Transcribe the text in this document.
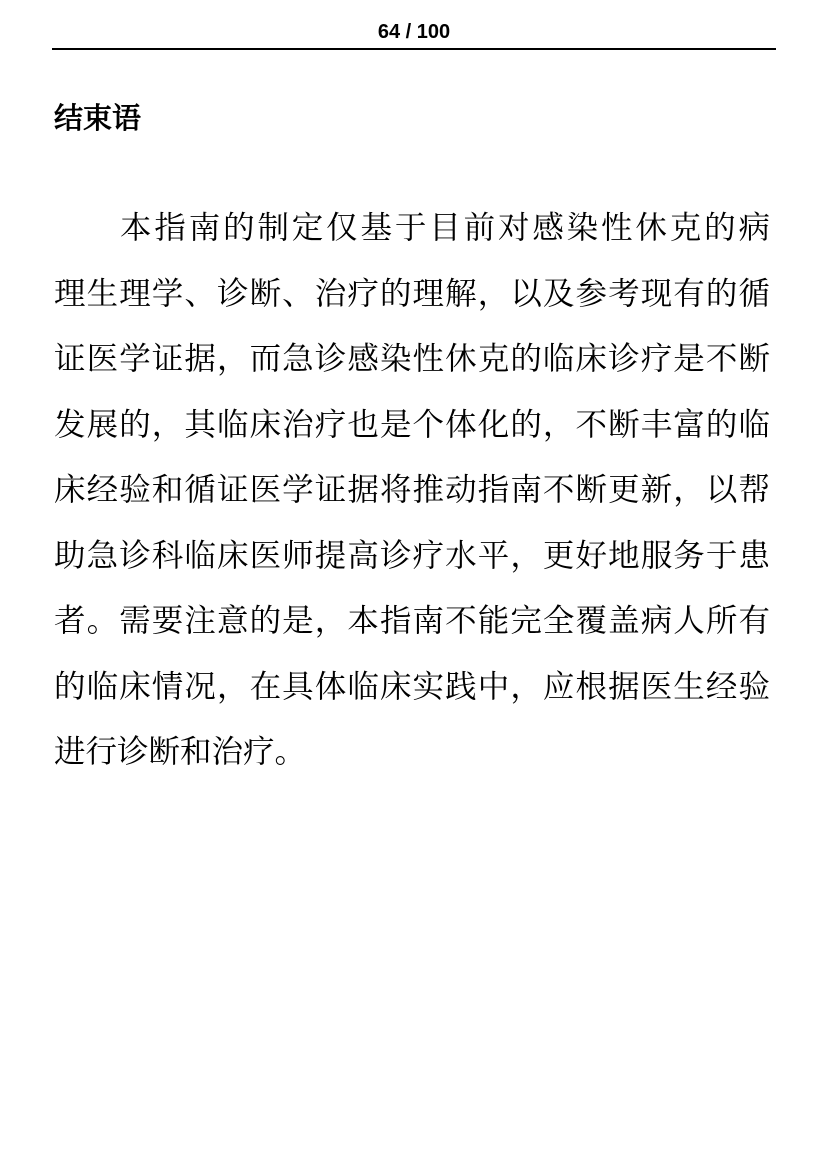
64 / 100
结束语
本指南的制定仅基于目前对感染性休克的病
理生理学、诊断、治疗的理解，以及参考现有的循
证医学证据，而急诊感染性休克的临床诊疗是不断
发展的，其临床治疗也是个体化的，不断丰富的临
床经验和循证医学证据将推动指南不断更新，以帮
助急诊科临床医师提高诊疗水平，更好地服务于患
者。需要注意的是，本指南不能完全覆盖病人所有
的临床情况，在具体临床实践中，应根据医生经验
进行诊断和治疗。
